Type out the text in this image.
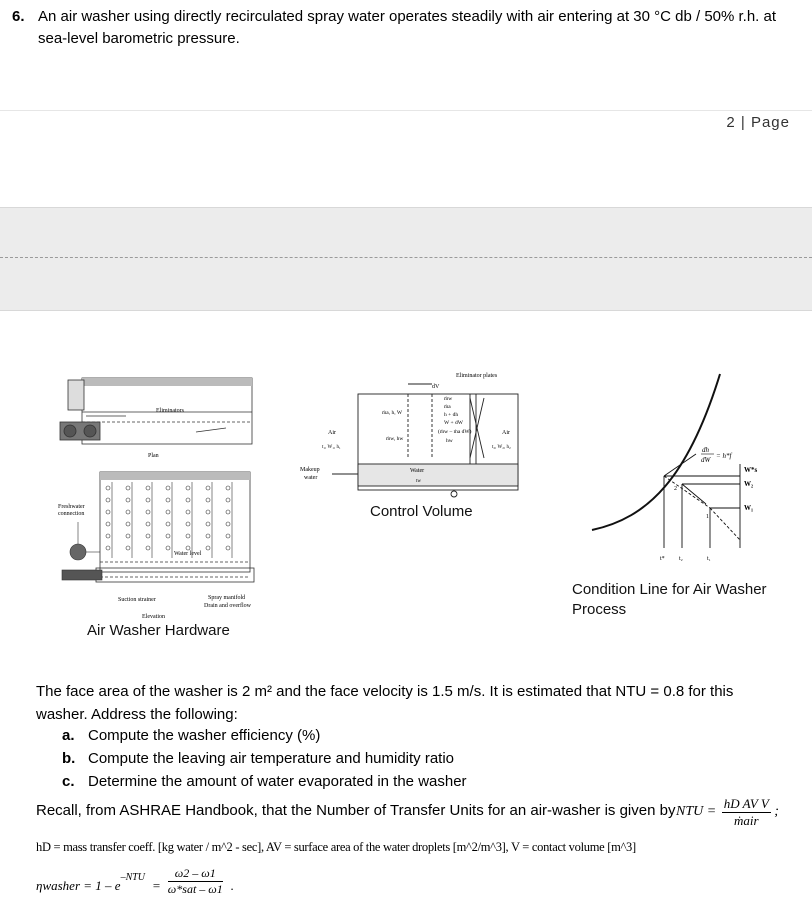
6. An air washer using directly recirculated spray water operates steadily with air entering at 30 °C db / 50% r.h. at
sea-level barometric pressure.
2 | Page
Eliminators
Plan
Freshwater
connection
Water level
Suction strainer	Spray manifold
Drain and overflow
Elevation
Air Washer Hardware
Eliminator plates
dV
ṁa, h, W
ṁa
h + dh
W + dW
(ṁw – ṁa dW)
hw
ṁw, hw
ṁw
Air
t₁, W₁, h₁
Air
t₂, W₂, h₂
Makeup
water
Water
tw
Control Volume
dh
dW = h*f
W*s
W₂
W₁
2
1
t* t₂	t₁
Condition Line for Air Washer
Process
The face area of the washer is 2 m² and the face velocity is 1.5 m/s. It is estimated that NTU = 0.8 for this
washer. Address the following:
a. Compute the washer efficiency (%)
b. Compute the leaving air temperature and humidity ratio
c. Determine the amount of water evaporated in the washer
Recall, from ASHRAE Handbook, that the Number of Transfer Units for an air-washer is given by NTU =
hD AV V
ṁair
;
hD = mass transfer coeff. [kg water / m^2 - sec], AV = surface area of the water droplets [m^2/m^3], V = contact volume [m^3]
$_{\eta washer = 1 - e}^{-NTU}$ $_=$
ω2 – ω1
ω*sat – ω1 $_.$
